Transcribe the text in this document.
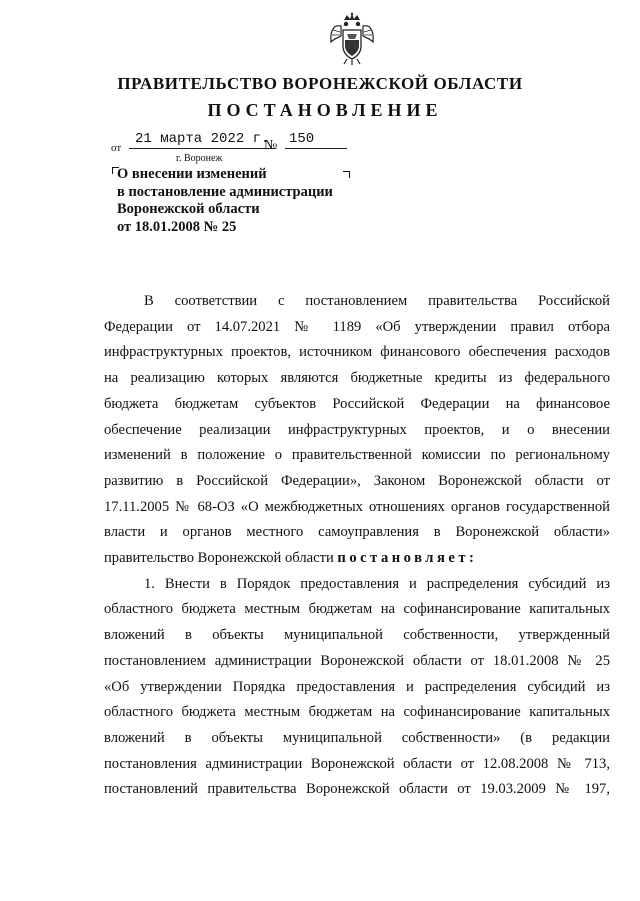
ПРАВИТЕЛЬСТВО ВОРОНЕЖСКОЙ ОБЛАСТИ
ПОСТАНОВЛЕНИЕ
от
21 марта 2022 г.
№ 150
г. Воронеж
О внесении изменений
в постановление администрации
Воронежской области
от 18.01.2008 № 25
В соответствии с постановлением правительства Российской
Федерации от 14.07.2021 № 1189 «Об утверждении правил отбора
инфраструктурных проектов, источником финансового обеспечения расходов
на реализацию которых являются бюджетные кредиты из федерального
бюджета бюджетам субъектов Российской Федерации на финансовое
обеспечение реализации инфраструктурных проектов, и о внесении
изменений в положение о правительственной комиссии по региональному
развитию в Российской Федерации», Законом Воронежской области от
17.11.2005 № 68-ОЗ «О межбюджетных отношениях органов государственной
власти и органов местного самоуправления в Воронежской области»
правительство Воронежской области постановляет:
1. Внести в Порядок предоставления и распределения субсидий из
областного бюджета местным бюджетам на софинансирование капитальных
вложений в объекты муниципальной собственности, утвержденный
постановлением администрации Воронежской области от 18.01.2008 № 25
«Об утверждении Порядка предоставления и распределения субсидий из
областного бюджета местным бюджетам на софинансирование капитальных
вложений в объекты муниципальной собственности» (в редакции
постановления администрации Воронежской области от 12.08.2008 № 713,
постановлений правительства Воронежской области от 19.03.2009 № 197,
